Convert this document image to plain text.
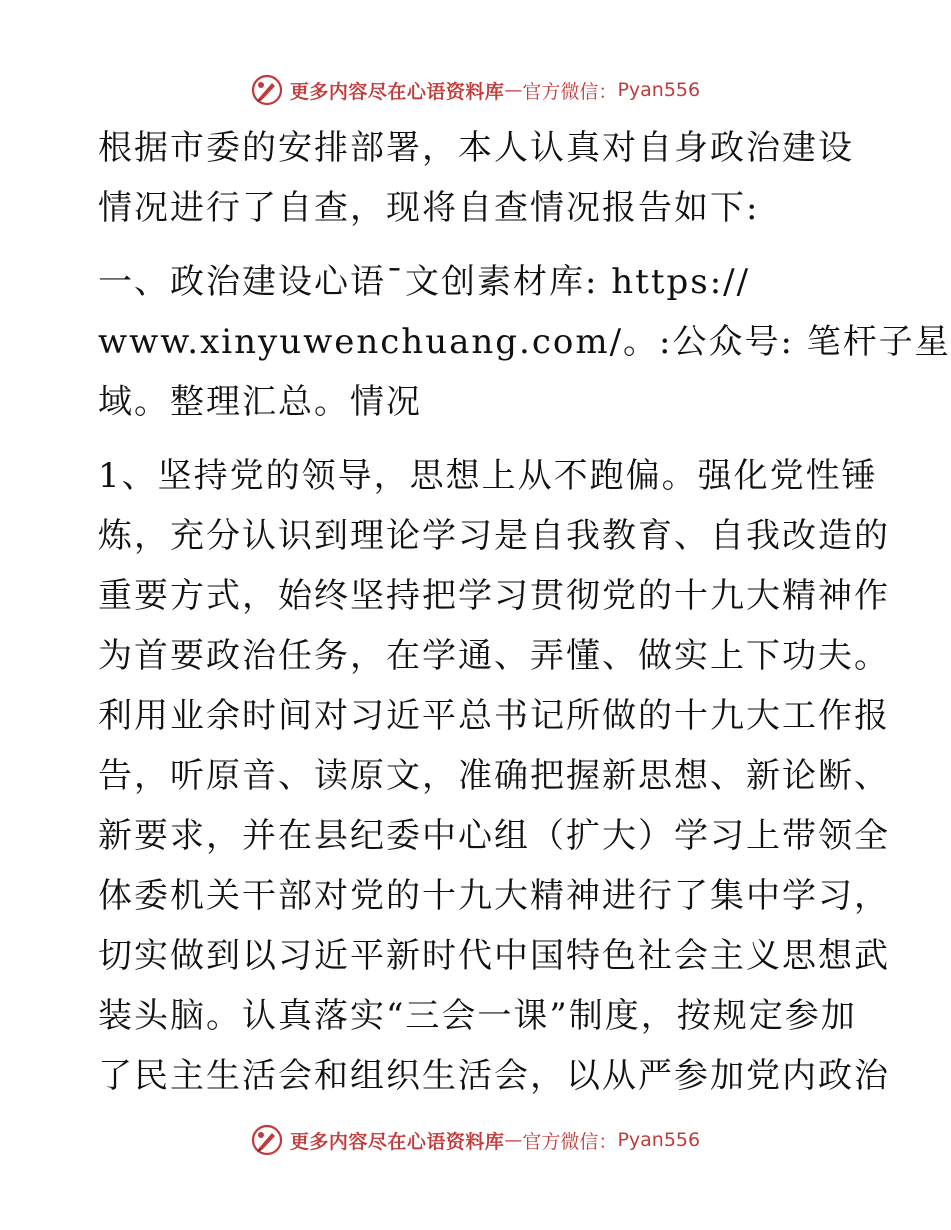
更多内容尽在心语资料库 — 官方微信： Pyan556
根据市委的安排部署，本人认真对自身政治建设
情况进行了自查，现将自查情况报告如下:
一、政治建设心语¯文创素材库: https://
www.xinyuwenchuang.com/。:公众号: 笔杆子星
域。整理汇总。情况
1、坚持党的领导，思想上从不跑偏。强化党性锤
炼，充分认识到理论学习是自我教育、自我改造的
重要方式，始终坚持把学习贯彻党的十九大精神作
为首要政治任务，在学通、弄懂、做实上下功夫。
利用业余时间对习近平总书记所做的十九大工作报
告，听原音、读原文，准确把握新思想、新论断、
新要求，并在县纪委中心组（扩大）学习上带领全
体委机关干部对党的十九大精神进行了集中学习，
切实做到以习近平新时代中国特色社会主义思想武
装头脑。认真落实“三会一课”制度，按规定参加
了民主生活会和组织生活会，以从严参加党内政治
更多内容尽在心语资料库 — 官方微信： Pyan556
